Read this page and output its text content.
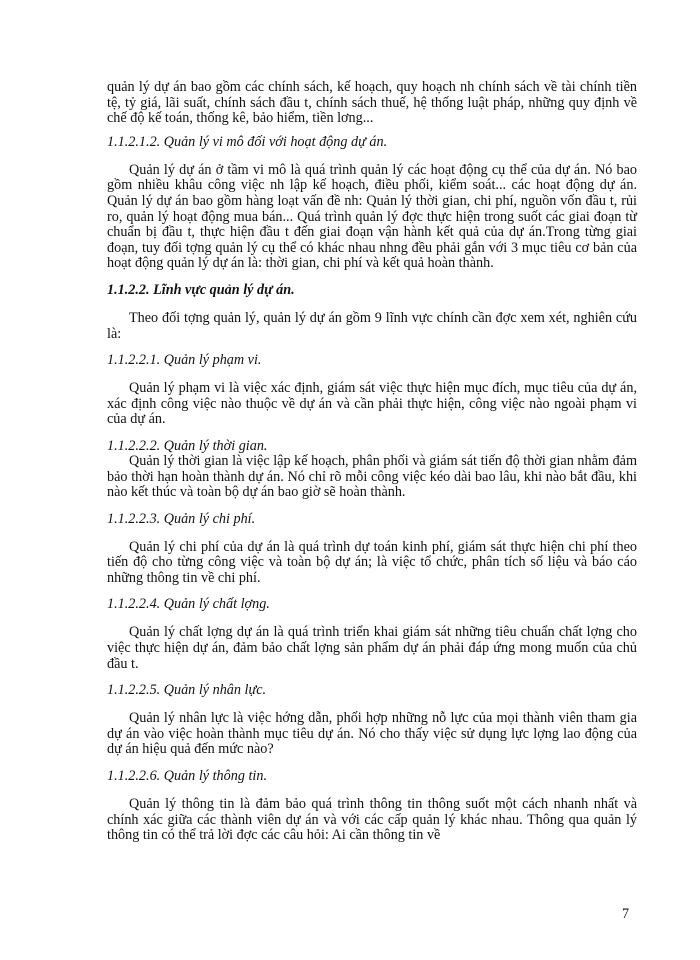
quản lý dự án bao gồm các chính sách, kế hoạch, quy hoạch nh chính sách về tài chính tiền tệ, tỷ giá, lãi suất, chính sách đầu t, chính sách thuế, hệ thống luật pháp, những quy định về chế độ kế toán, thống kê, bảo hiểm, tiền lơng...

1.1.2.1.2. Quản lý vi mô đối với hoạt động dự án.

Quản lý dự án ở tầm vi mô là quá trình quản lý các hoạt động cụ thể của dự án. Nó bao gồm nhiều khâu công việc nh lập kế hoạch, điều phối, kiểm soát... các hoạt động dự án. Quản lý dự án bao gồm hàng loạt vấn đề nh: Quản lý thời gian, chi phí, nguồn vốn đầu t, rủi ro, quản lý hoạt động mua bán... Quá trình quản lý đợc thực hiện trong suốt các giai đoạn từ chuẩn bị đầu t, thực hiện đầu t đến giai đoạn vận hành kết quả của dự án.Trong từng giai đoạn, tuy đối tợng quản lý cụ thể có khác nhau nhng đều phải gắn với 3 mục tiêu cơ bản của hoạt động quản lý dự án là: thời gian, chi phí và kết quả hoàn thành.

1.1.2.2. Lĩnh vực quản lý dự án.

Theo đối tợng quản lý, quản lý dự án gồm 9 lĩnh vực chính cần đợc xem xét, nghiên cứu là:

1.1.2.2.1. Quản lý phạm vi.

Quản lý phạm vi là việc xác định, giám sát việc thực hiện mục đích, mục tiêu của dự án, xác định công việc nào thuộc về dự án và cần phải thực hiện, công việc nào ngoài phạm vi của dự án.

1.1.2.2.2. Quản lý thời gian.

Quản lý thời gian là việc lập kế hoạch, phân phối và giám sát tiến độ thời gian nhằm đảm bảo thời hạn hoàn thành dự án. Nó chỉ rõ mỗi công việc kéo dài bao lâu, khi nào bắt đầu, khi nào kết thúc và toàn bộ dự án bao giờ sẽ hoàn thành.

1.1.2.2.3. Quản lý chi phí.

Quản lý chi phí của dự án là quá trình dự toán kinh phí, giám sát thực hiện chi phí theo tiến độ cho từng công việc và toàn bộ dự án; là việc tổ chức, phân tích số liệu và báo cáo những thông tin về chi phí.

1.1.2.2.4. Quản lý chất lợng.

Quản lý chất lợng dự án là quá trình triển khai giám sát những tiêu chuẩn chất lợng cho việc thực hiện dự án, đảm bảo chất lợng sản phẩm dự án phải đáp ứng mong muốn của chủ đầu t.

1.1.2.2.5. Quản lý nhân lực.

Quản lý nhân lực là việc hớng dẫn, phối hợp những nỗ lực của mọi thành viên tham gia dự án vào việc hoàn thành mục tiêu dự án. Nó cho thấy việc sử dụng lực lợng lao động của dự án hiệu quả đến mức nào?

1.1.2.2.6. Quản lý thông tin.

Quản lý thông tin là đảm bảo quá trình thông tin thông suốt một cách nhanh nhất và chính xác giữa các thành viên dự án và với các cấp quản lý khác nhau. Thông qua quản lý thông tin có thể trả lời đợc các câu hỏi: Ai cần thông tin về

7
